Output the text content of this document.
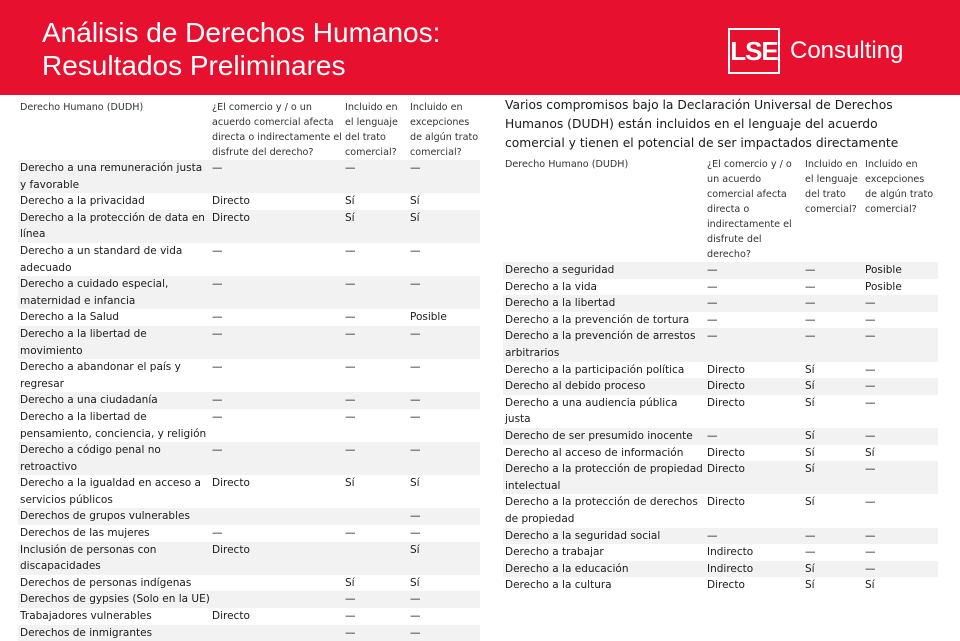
Análisis de Derechos Humanos:
Resultados Preliminares	LSE Consulting
Derecho Humano (DUDH)	¿El comercio y / o un acuerdo comercial afecta directa o indirectamente el disfrute del derecho?	Incluido en el lenguaje del trato comercial?	Incluido en excepciones de algún trato comercial?
Derecho a una remuneración justa y favorable	—	—	—
Derecho a la privacidad	Directo	Sí	Sí
Derecho a la protección de data en línea	Directo	Sí	Sí
Derecho a un standard de vida adecuado	—	—	—
Derecho a cuidado especial, maternidad e infancia	—	—	—
Derecho a la Salud	—	—	Posible
Derecho a la libertad de movimiento	—	—	—
Derecho a abandonar el país y regresar	—	—	—
Derecho a una ciudadanía	—	—	—
Derecho a la libertad de pensamiento, conciencia, y religión	—	—	—
Derecho a código penal no retroactivo	—	—	—
Derecho a la igualdad en acceso a servicios públicos	Directo	Sí	Sí
Derechos de grupos vulnerables			—
Derechos de las mujeres	—	—	—
Inclusión de personas con discapacidades	Directo		Sí
Derechos de personas indígenas		Sí	Sí
Derechos de gypsies (Solo en la UE)		—	—
Trabajadores vulnerables	Directo	—	—
Derechos de inmigrantes		—	—
Varios compromisos bajo la Declaración Universal de Derechos Humanos (DUDH) están incluidos en el lenguaje del acuerdo comercial y tienen el potencial de ser impactados directamente
Derecho Humano (DUDH)	¿El comercio y / o un acuerdo comercial afecta directa o indirectamente el disfrute del derecho?	Incluido en el lenguaje del trato comercial?	Incluido en excepciones de algún trato comercial?
Derecho a seguridad	—	—	Posible
Derecho a la vida	—	—	Posible
Derecho a la libertad	—	—	—
Derecho a la prevención de tortura	—	—	—
Derecho a la prevención de arrestos arbitrarios	—	—	—
Derecho a la participación política	Directo	Sí	—
Derecho al debido proceso	Directo	Sí	—
Derecho a una audiencia pública justa	Directo	Sí	—
Derecho de ser presumido inocente	—	Sí	—
Derecho al acceso de información	Directo	Sí	Sí
Derecho a la protección de propiedad intelectual	Directo	Sí	—
Derecho a la protección de derechos de propiedad	Directo	Sí	—
Derecho a la seguridad social	—	—	—
Derecho a trabajar	Indirecto	—	—
Derecho a la educación	Indirecto	Sí	—
Derecho a la cultura	Directo	Sí	Sí
